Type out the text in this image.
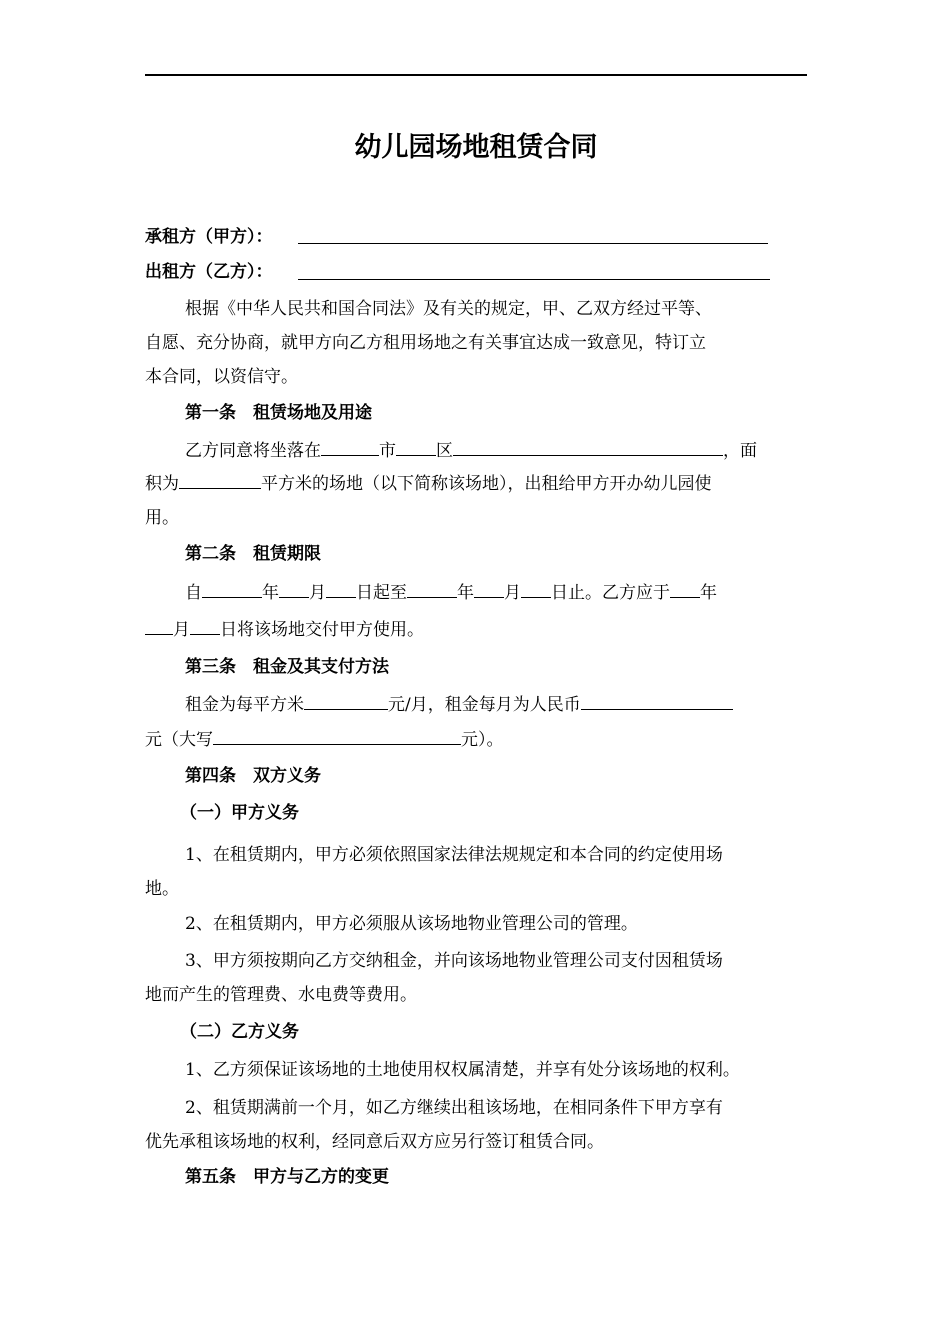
幼儿园场地租赁合同
承租方（甲方）：
出租方（乙方）：
根据《中华人民共和国合同法》及有关的规定，甲、乙双方经过平等、
自愿、充分协商，就甲方向乙方租用场地之有关事宜达成一致意见，特订立
本合同，以资信守。
第一条　租赁场地及用途
乙方同意将坐落在	市 区	，面
积为	平方米的场地（以下简称该场地），出租给甲方开办幼儿园使
用。
第二条　租赁期限
自	年 月 日起至	年 月 日止。乙方应于 年
月 日将该场地交付甲方使用。
第三条　租金及其支付方法
租金为每平方米	元/月，租金每月为人民币
元（大写	元）。
第四条　双方义务
（一）甲方义务
1、在租赁期内，甲方必须依照国家法律法规规定和本合同的约定使用场
地。
2、在租赁期内，甲方必须服从该场地物业管理公司的管理。
3、甲方须按期向乙方交纳租金，并向该场地物业管理公司支付因租赁场
地而产生的管理费、水电费等费用。
（二）乙方义务
1、乙方须保证该场地的土地使用权权属清楚，并享有处分该场地的权利。
2、租赁期满前一个月，如乙方继续出租该场地，在相同条件下甲方享有
优先承租该场地的权利，经同意后双方应另行签订租赁合同。
第五条　甲方与乙方的变更
